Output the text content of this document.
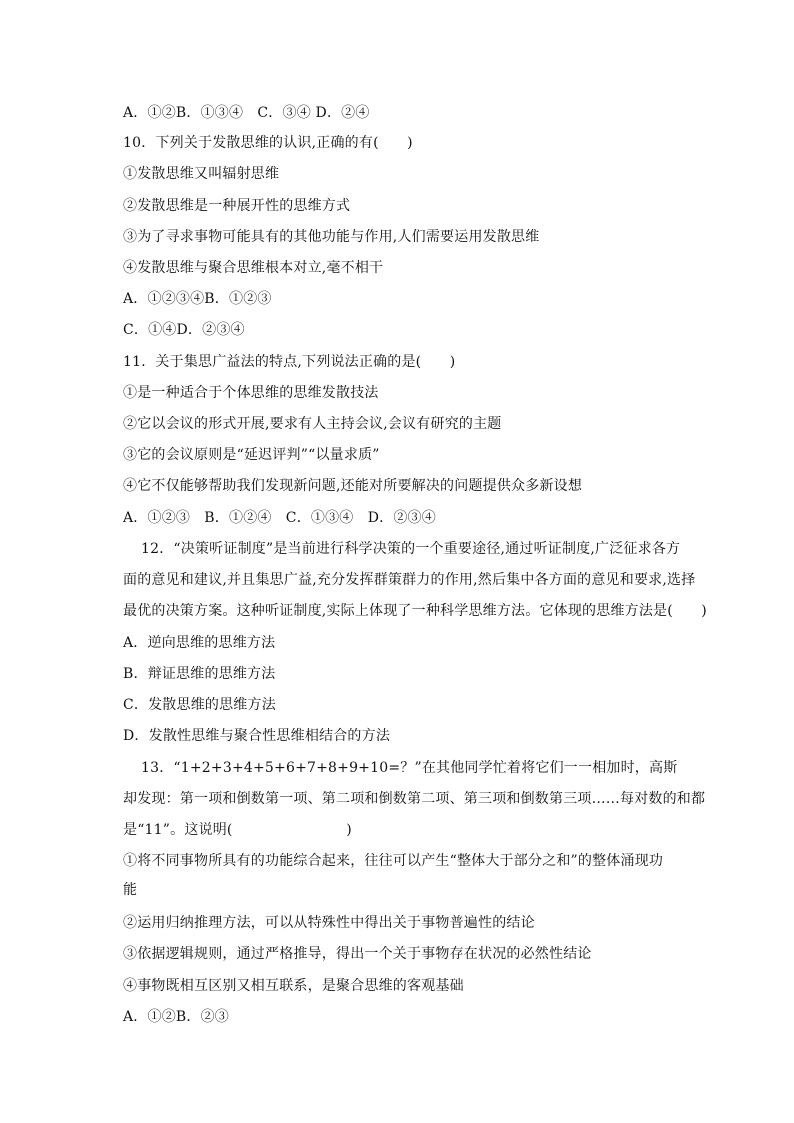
A．①②B．①③④　C．③④ D．②④
10．下列关于发散思维的认识,正确的有(　　)
①发散思维又叫辐射思维
②发散思维是一种展开性的思维方式
③为了寻求事物可能具有的其他功能与作用,人们需要运用发散思维
④发散思维与聚合思维根本对立,毫不相干
A．①②③④B．①②③
C．①④D．②③④
11．关于集思广益法的特点,下列说法正确的是(　　)
①是一种适合于个体思维的思维发散技法
②它以会议的形式开展,要求有人主持会议,会议有研究的主题
③它的会议原则是“延迟评判”“以量求质”
④它不仅能够帮助我们发现新问题,还能对所要解决的问题提供众多新设想
A．①②③　B．①②④　C．①③④　D．②③④
12．“决策听证制度”是当前进行科学决策的一个重要途径,通过听证制度,广泛征求各方
面的意见和建议,并且集思广益,充分发挥群策群力的作用,然后集中各方面的意见和要求,选择
最优的决策方案。这种听证制度,实际上体现了一种科学思维方法。它体现的思维方法是(　　)
A．逆向思维的思维方法
B．辩证思维的思维方法
C．发散思维的思维方法
D．发散性思维与聚合性思维相结合的方法
13．“1+2+3+4+5+6+7+8+9+10=？”在其他同学忙着将它们一一相加时，高斯
却发现：第一项和倒数第一项、第二项和倒数第二项、第三项和倒数第三项……每对数的和都
是“11”。这说明(　　　　　　　　)
①将不同事物所具有的功能综合起来，往往可以产生“整体大于部分之和”的整体涌现功
能
②运用归纳推理方法，可以从特殊性中得出关于事物普遍性的结论
③依据逻辑规则，通过严格推导，得出一个关于事物存在状况的必然性结论
④事物既相互区别又相互联系，是聚合思维的客观基础
A．①②B．②③
